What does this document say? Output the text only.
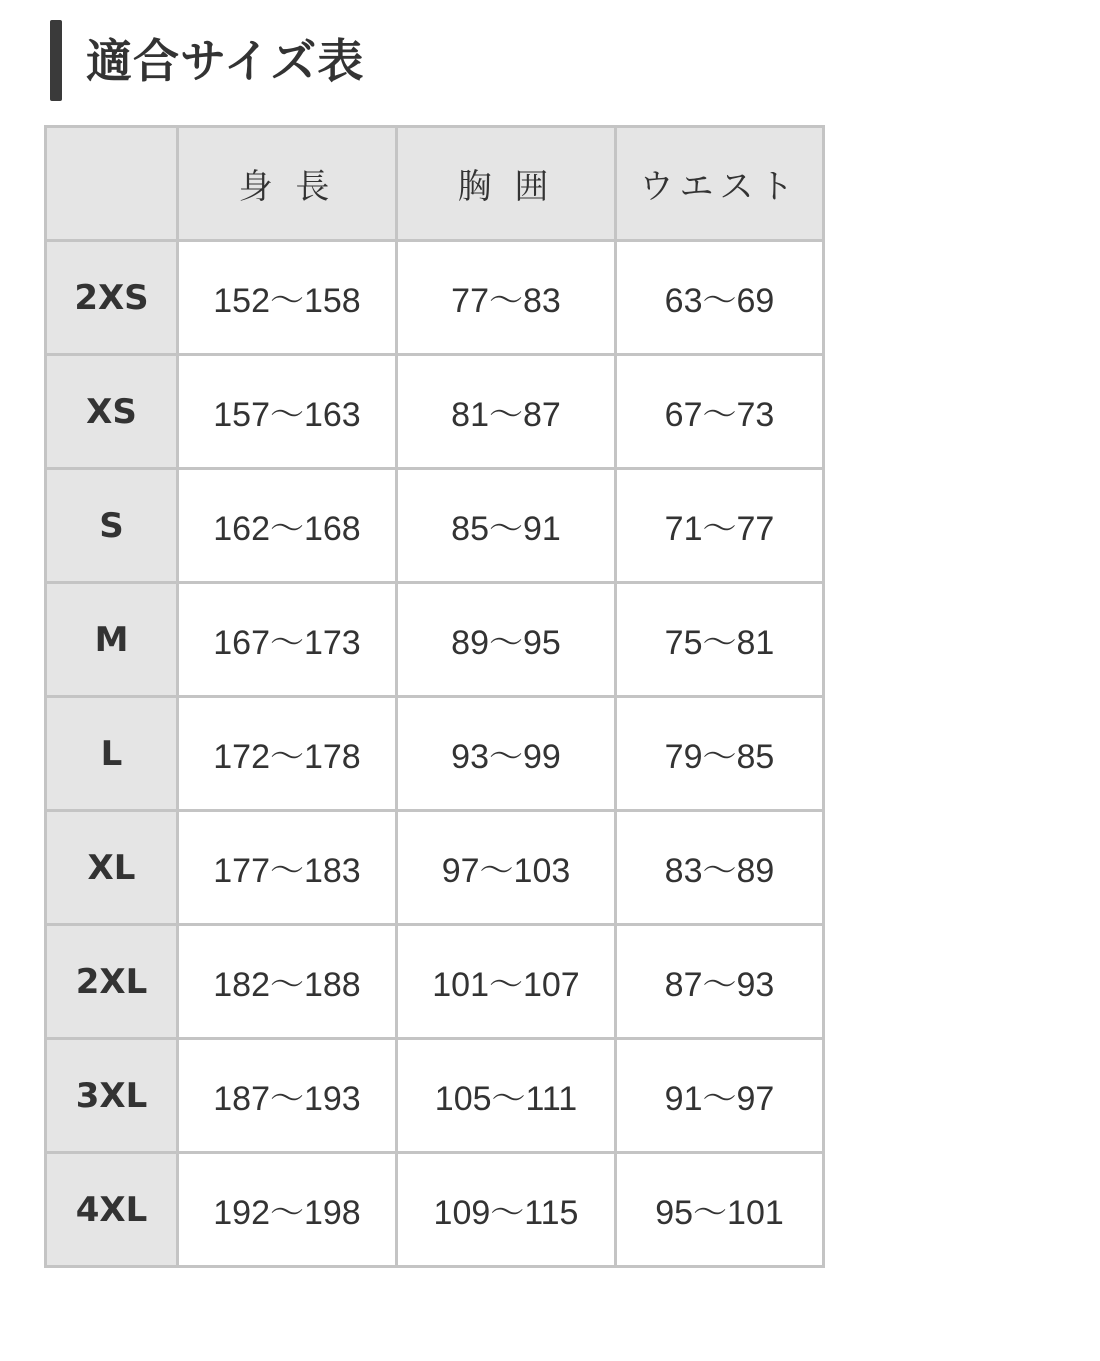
適合サイズ表
	身 長	胸 囲	ウエスト
2XS	152〜158	77〜83	63〜69
XS	157〜163	81〜87	67〜73
S	162〜168	85〜91	71〜77
M	167〜173	89〜95	75〜81
L	172〜178	93〜99	79〜85
XL	177〜183	97〜103	83〜89
2XL	182〜188	101〜107	87〜93
3XL	187〜193	105〜111	91〜97
4XL	192〜198	109〜115	95〜101
